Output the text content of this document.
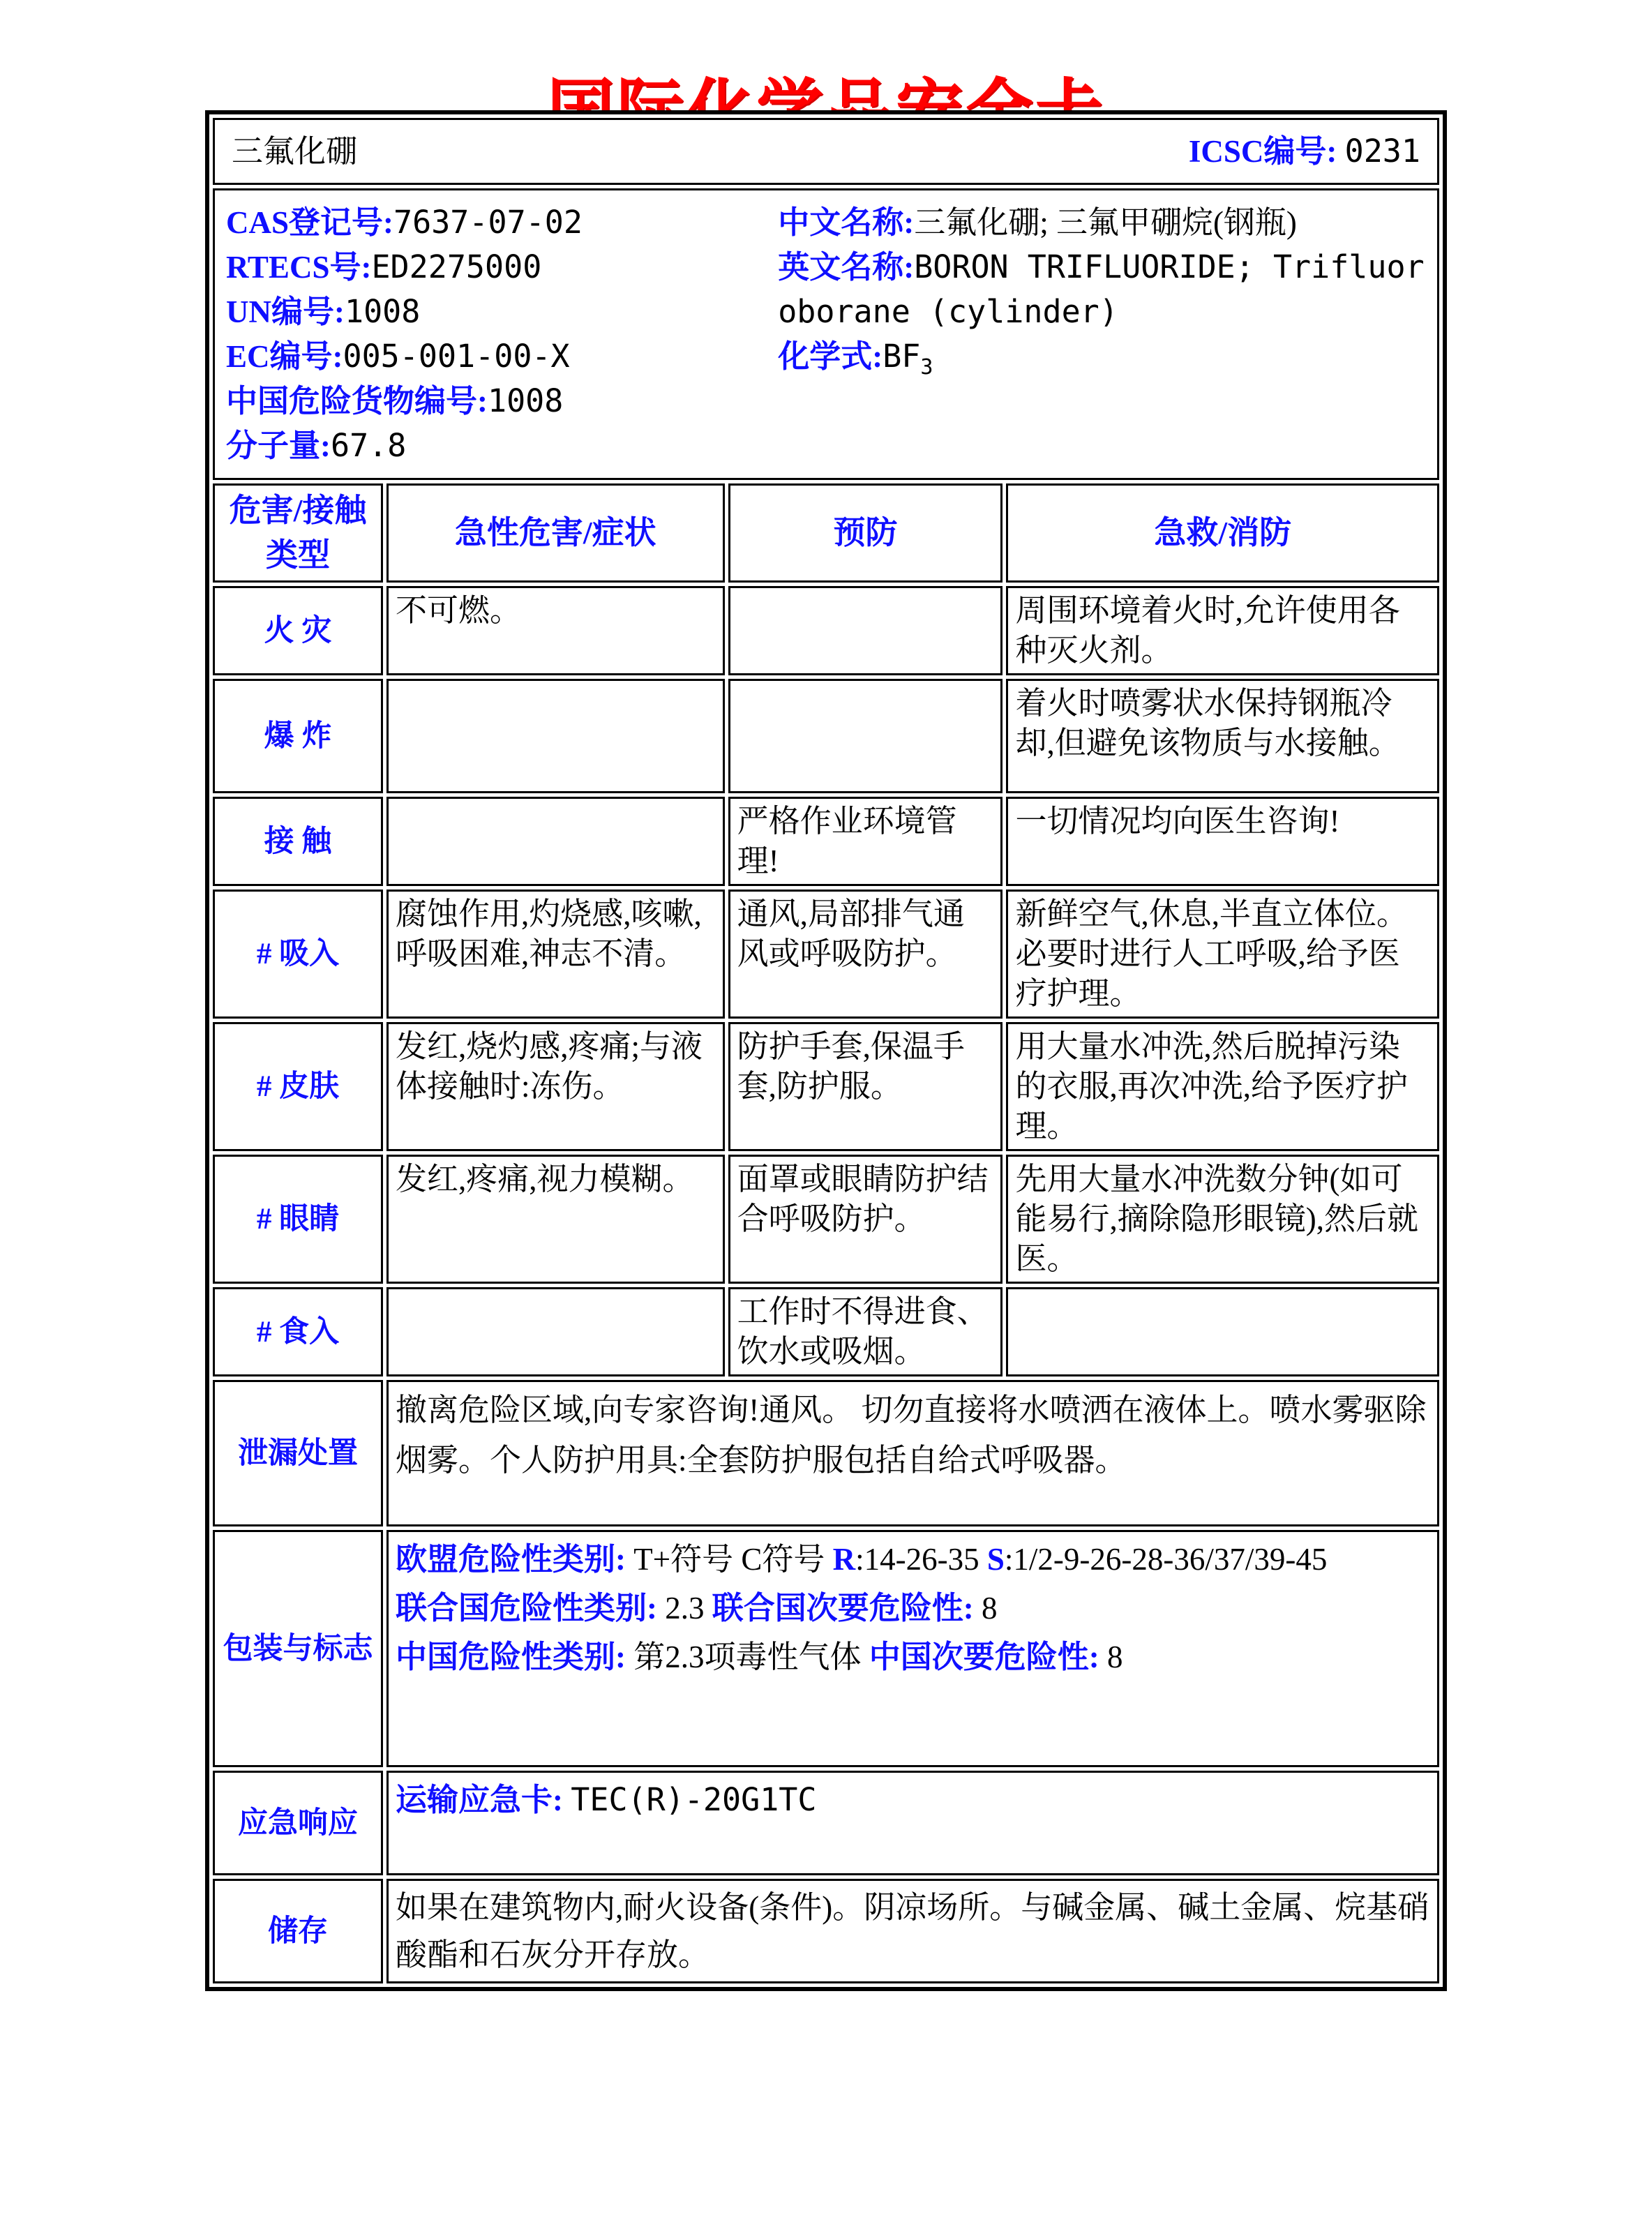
三氟化硼 ICSC编号: 0231			

CAS登记号:7637-07-02

RTECS号:ED2275000

UN编号:1008

EC编号:005-001-00-X

中国危险货物编号:1008

分子量:67.8

中文名称:三氟化硼; 三氟甲硼烷(钢瓶)

英文名称:BORON TRIFLUORIDE; Trifluoroborane (cylinder)

化学式$:BF_3$

危害/接触类型	急性危害/症状	预防	急救/消防
火 灾	不可燃。		周围环境着火时,允许使用各种灭火剂。
爆 炸			着火时喷雾状水保持钢瓶冷却,但避免该物质与水接触。
接 触		严格作业环境管理!	一切情况均向医生咨询!
# 吸入	腐蚀作用,灼烧感,咳嗽,呼吸困难,神志不清。	通风,局部排气通风或呼吸防护。	新鲜空气,休息,半直立体位。必要时进行人工呼吸,给予医疗护理。
# 皮肤	发红,烧灼感,疼痛;与液体接触时:冻伤。	防护手套,保温手套,防护服。	用大量水冲洗,然后脱掉污染的衣服,再次冲洗,给予医疗护理。
# 眼睛	发红,疼痛,视力模糊。	面罩或眼睛防护结合呼吸防护。	先用大量水冲洗数分钟(如可能易行,摘除隐形眼镜),然后就医。
# 食入		工作时不得进食、饮水或吸烟。	
泄漏处置	撤离危险区域,向专家咨询!通风。 切勿直接将水喷洒在液体上。喷水雾驱除烟雾。个人防护用具:全套防护服包括自给式呼吸器。		
包装与标志	欧盟危险性类别: T+符号 C符号 R:14-26-35 S:1/2-9-26-28-36/37/39-45

联合国危险性类别: 2.3 联合国次要危险性: 8

中国危险性类别: 第2.3项毒性气体 中国次要危险性: 8		

应急响应	运输应急卡: TEC(R)-20G1TC		

储存	如果在建筑物内,耐火设备(条件)。阴凉场所。与碱金属、碱土金属、烷基硝酸酯和石灰分开存放。		
